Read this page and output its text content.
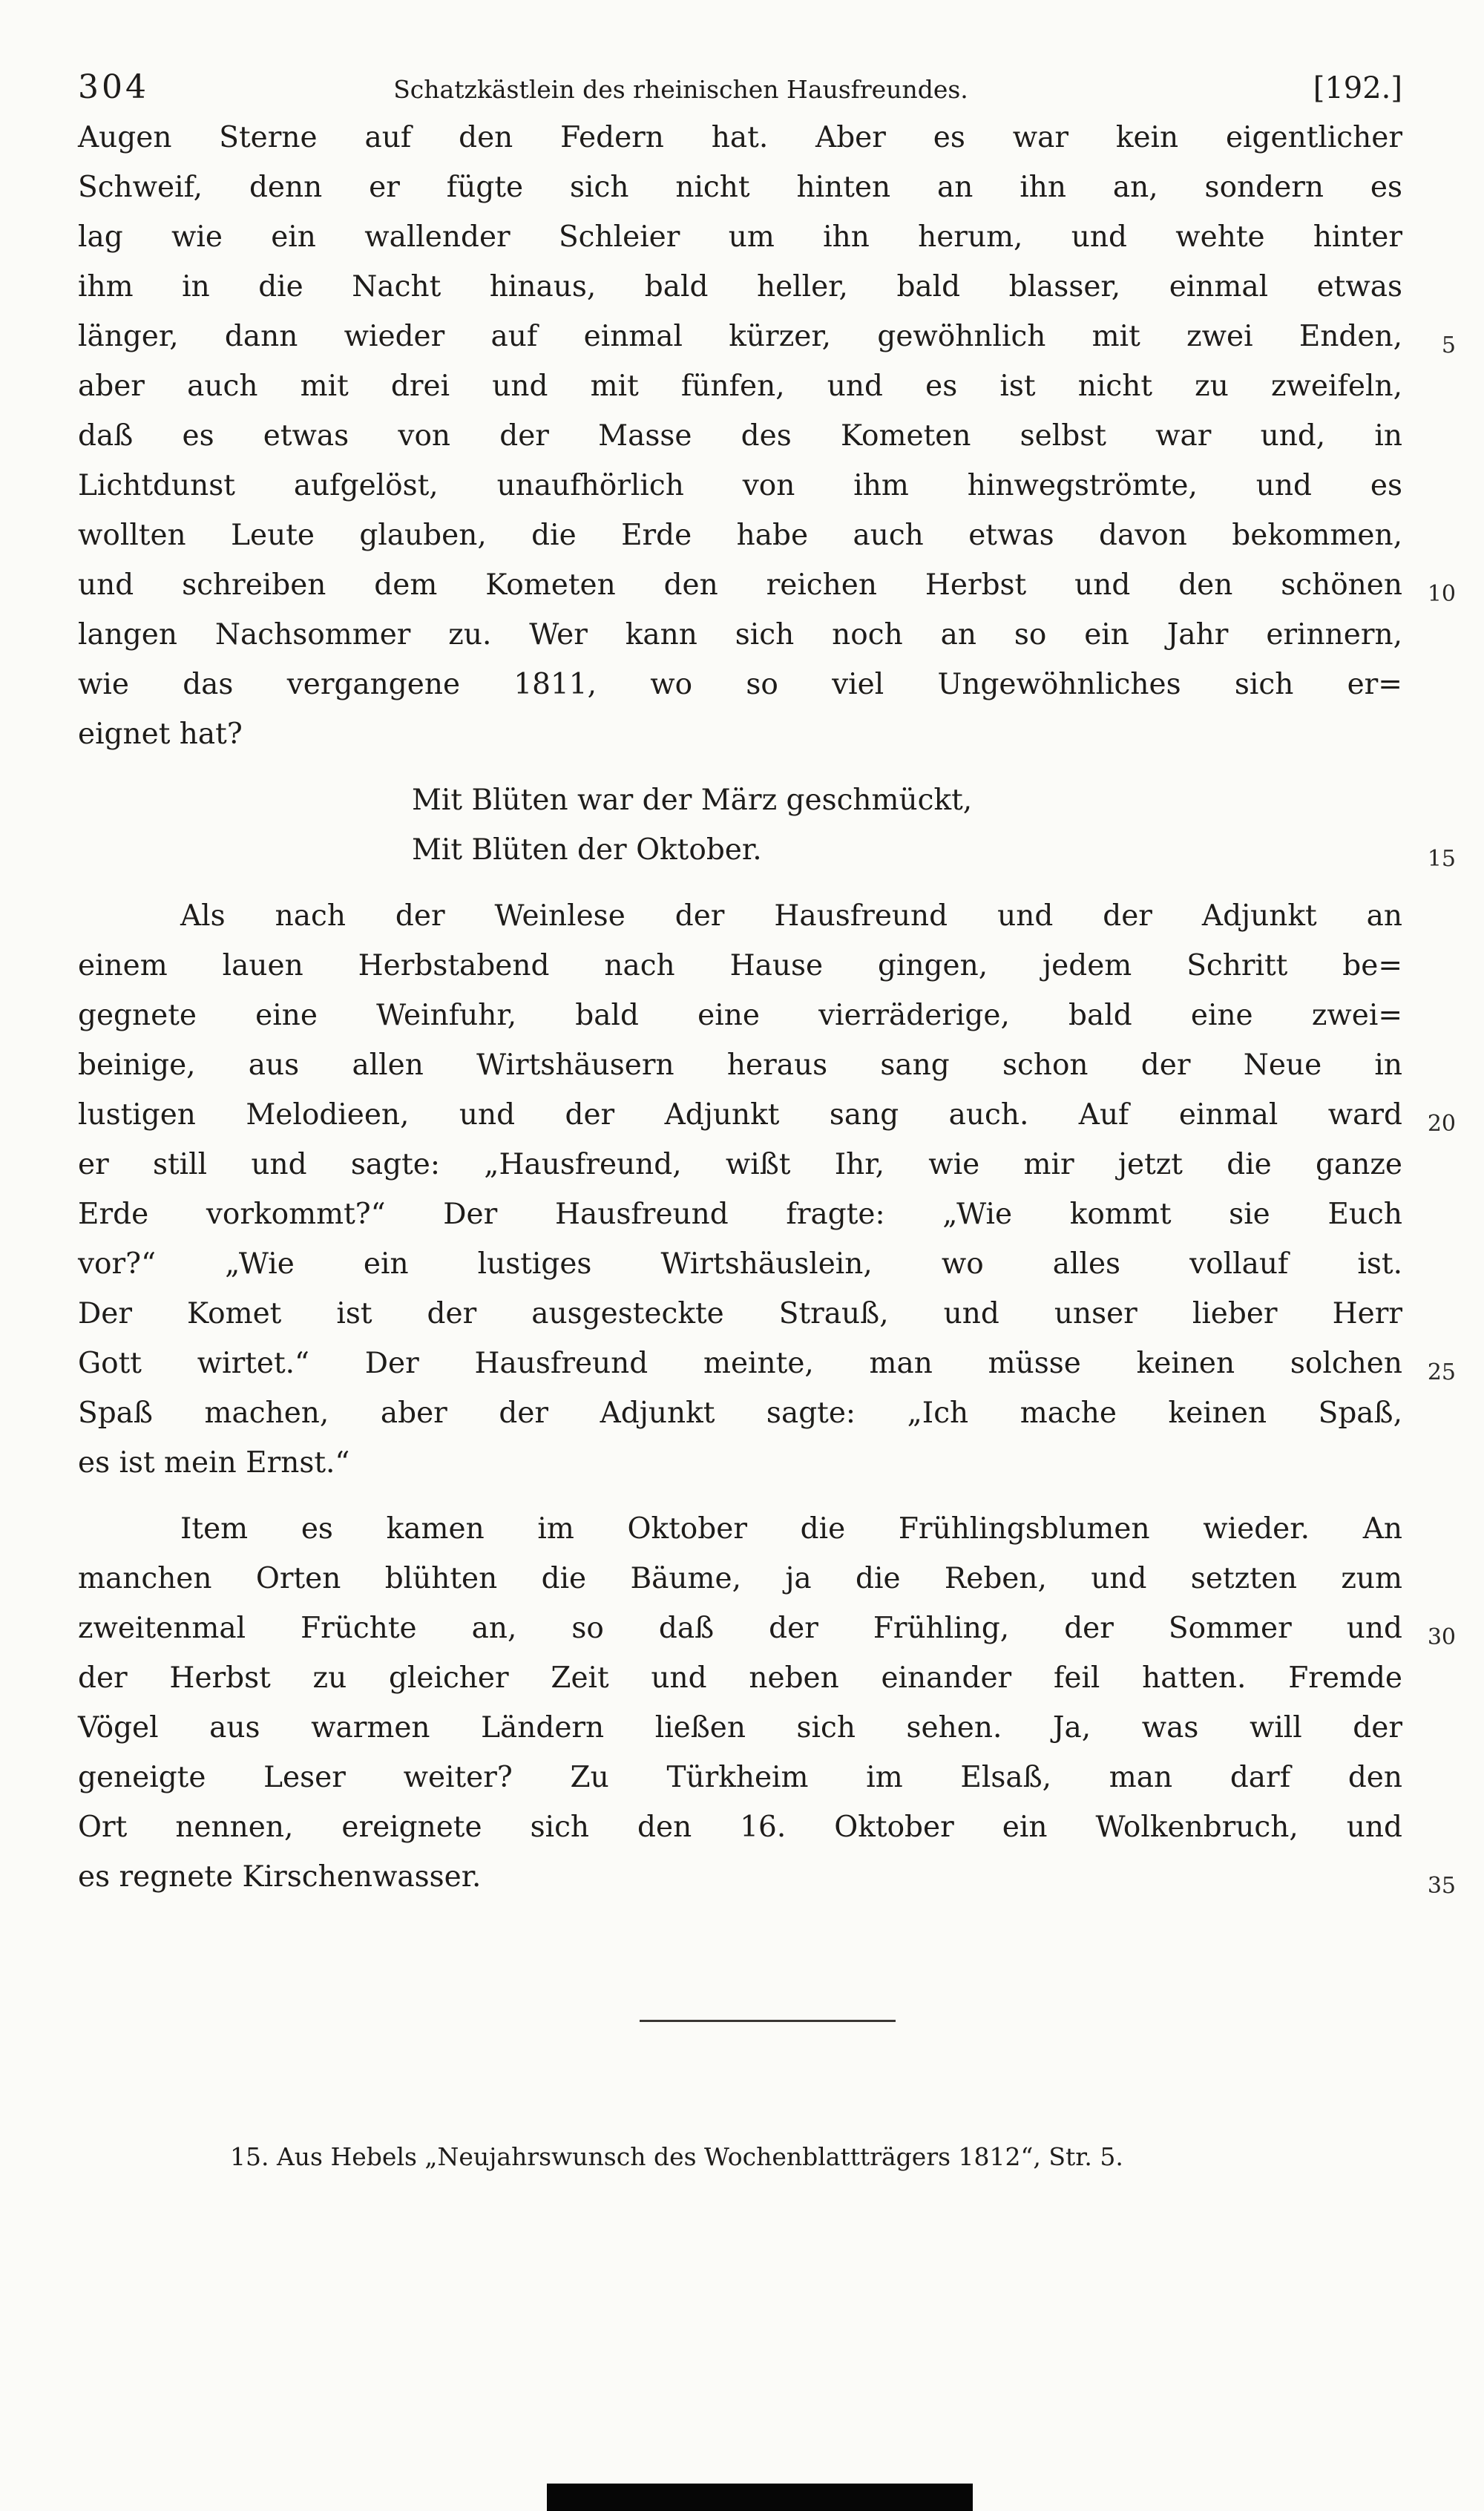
304	Schatzkästlein des rheinischen Hausfreundes.	[192.]
Augen Sterne auf den Federn hat. Aber es war kein eigentlicher
Schweif, denn er fügte sich nicht hinten an ihn an, sondern es
lag wie ein wallender Schleier um ihn herum, und wehte hinter
ihm in die Nacht hinaus, bald heller, bald blasser, einmal etwas
länger, dann wieder auf einmal kürzer, gewöhnlich mit zwei Enden, 5
aber auch mit drei und mit fünfen, und es ist nicht zu zweifeln,
daß es etwas von der Masse des Kometen selbst war und, in
Lichtdunst aufgelöst, unaufhörlich von ihm hinwegströmte, und es
wollten Leute glauben, die Erde habe auch etwas davon bekommen,
und schreiben dem Kometen den reichen Herbst und den schönen 10
langen Nachsommer zu. Wer kann sich noch an so ein Jahr erinnern,
wie das vergangene 1811, wo so viel Ungewöhnliches sich er=
eignet hat?
Mit Blüten war der März geschmückt,
Mit Blüten der Oktober.	15
Als nach der Weinlese der Hausfreund und der Adjunkt an
einem lauen Herbstabend nach Hause gingen, jedem Schritt be=
gegnete eine Weinfuhr, bald eine vierräderige, bald eine zwei=
beinige, aus allen Wirtshäusern heraus sang schon der Neue in
lustigen Melodieen, und der Adjunkt sang auch. Auf einmal ward 20
er still und sagte: „Hausfreund, wißt Ihr, wie mir jetzt die ganze
Erde vorkommt?“ Der Hausfreund fragte: „Wie kommt sie Euch
vor?“ „Wie ein lustiges Wirtshäuslein, wo alles vollauf ist.
Der Komet ist der ausgesteckte Strauß, und unser lieber Herr
Gott wirtet.“ Der Hausfreund meinte, man müsse keinen solchen 25
Spaß machen, aber der Adjunkt sagte: „Ich mache keinen Spaß,
es ist mein Ernst.“
Item es kamen im Oktober die Frühlingsblumen wieder. An
manchen Orten blühten die Bäume, ja die Reben, und setzten zum
zweitenmal Früchte an, so daß der Frühling, der Sommer und 30
der Herbst zu gleicher Zeit und neben einander feil hatten. Fremde
Vögel aus warmen Ländern ließen sich sehen. Ja, was will der
geneigte Leser weiter? Zu Türkheim im Elsaß, man darf den
Ort nennen, ereignete sich den 16. Oktober ein Wolkenbruch, und
es regnete Kirschenwasser.	35
15. Aus Hebels „Neujahrswunsch des Wochenblattträgers 1812“, Str. 5.
